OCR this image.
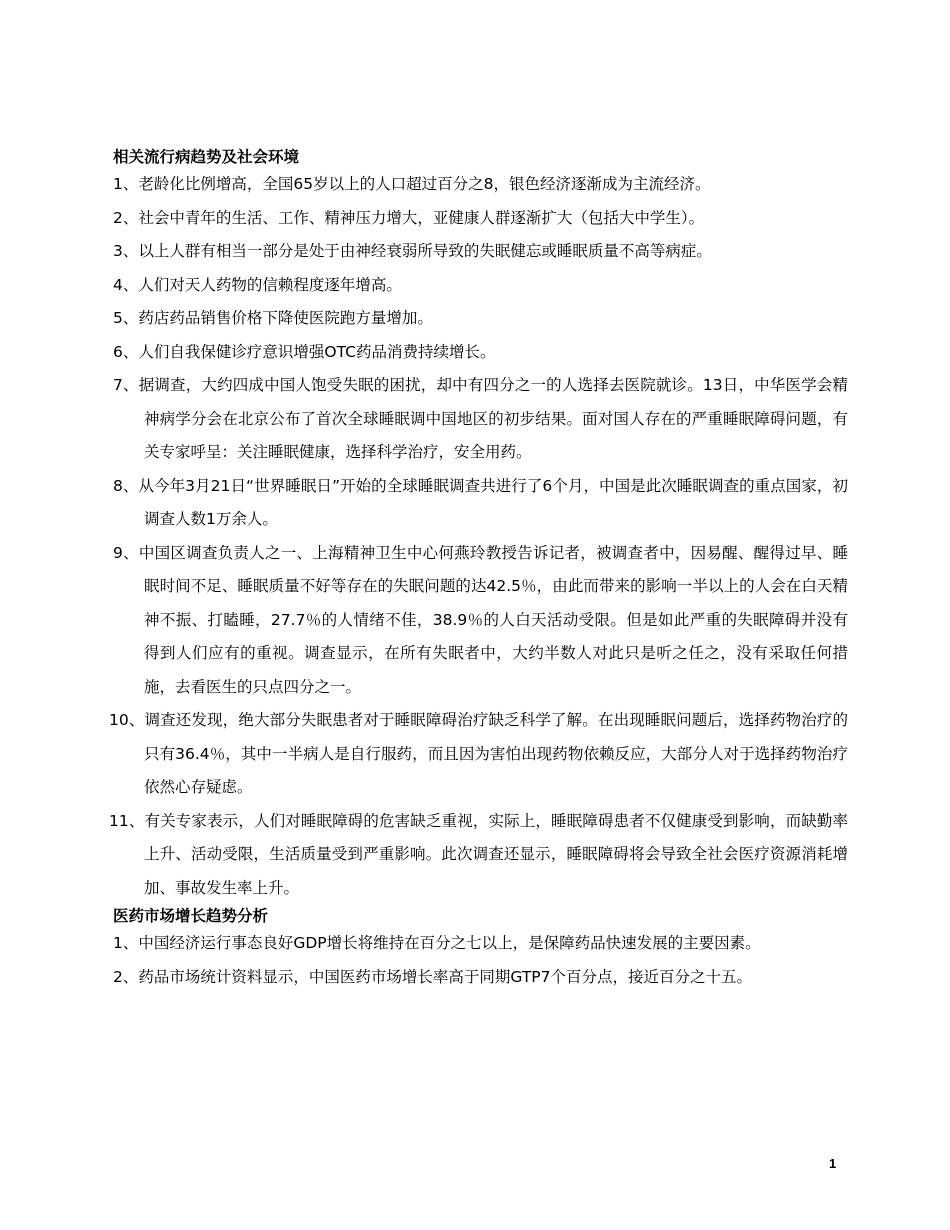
相关流行病趋势及社会环境

1、老龄化比例增高，全国65岁以上的人口超过百分之8，银色经济逐渐成为主流经济。

2、社会中青年的生活、工作、精神压力增大，亚健康人群逐渐扩大（包括大中学生）。

3、以上人群有相当一部分是处于由神经衰弱所导致的失眠健忘或睡眠质量不高等病症。

4、人们对天人药物的信赖程度逐年增高。

5、药店药品销售价格下降使医院跑方量增加。

6、人们自我保健诊疗意识增强OTC药品消费持续增长。

7、据调查，大约四成中国人饱受失眠的困扰，却中有四分之一的人选择去医院就诊。13日，中华医学会精神病学分会在北京公布了首次全球睡眠调中国地区的初步结果。面对国人存在的严重睡眠障碍问题，有关专家呼呈：关注睡眠健康，选择科学治疗，安全用药。

8、从今年3月21日“世界睡眠日”开始的全球睡眠调查共进行了6个月，中国是此次睡眠调查的重点国家，初调查人数1万余人。

9、中国区调查负责人之一、上海精神卫生中心何燕玲教授告诉记者，被调查者中，因易醒、醒得过早、睡眠时间不足、睡眠质量不好等存在的失眠问题的达42.5％，由此而带来的影响一半以上的人会在白天精神不振、打瞌睡，27.7％的人情绪不佳，38.9％的人白天活动受限。但是如此严重的失眠障碍并没有得到人们应有的重视。调查显示，在所有失眠者中，大约半数人对此只是听之任之，没有采取任何措施，去看医生的只点四分之一。

10、调查还发现，绝大部分失眠患者对于睡眠障碍治疗缺乏科学了解。在出现睡眠问题后，选择药物治疗的只有36.4％，其中一半病人是自行服药，而且因为害怕出现药物依赖反应，大部分人对于选择药物治疗依然心存疑虑。

11、有关专家表示，人们对睡眠障碍的危害缺乏重视，实际上，睡眠障碍患者不仅健康受到影响，而缺勤率上升、活动受限，生活质量受到严重影响。此次调查还显示，睡眠障碍将会导致全社会医疗资源消耗增加、事故发生率上升。

医药市场增长趋势分析

1、中国经济运行事态良好GDP增长将维持在百分之七以上，是保障药品快速发展的主要因素。

2、药品市场统计资料显示，中国医药市场增长率高于同期GTP7个百分点，接近百分之十五。

1
